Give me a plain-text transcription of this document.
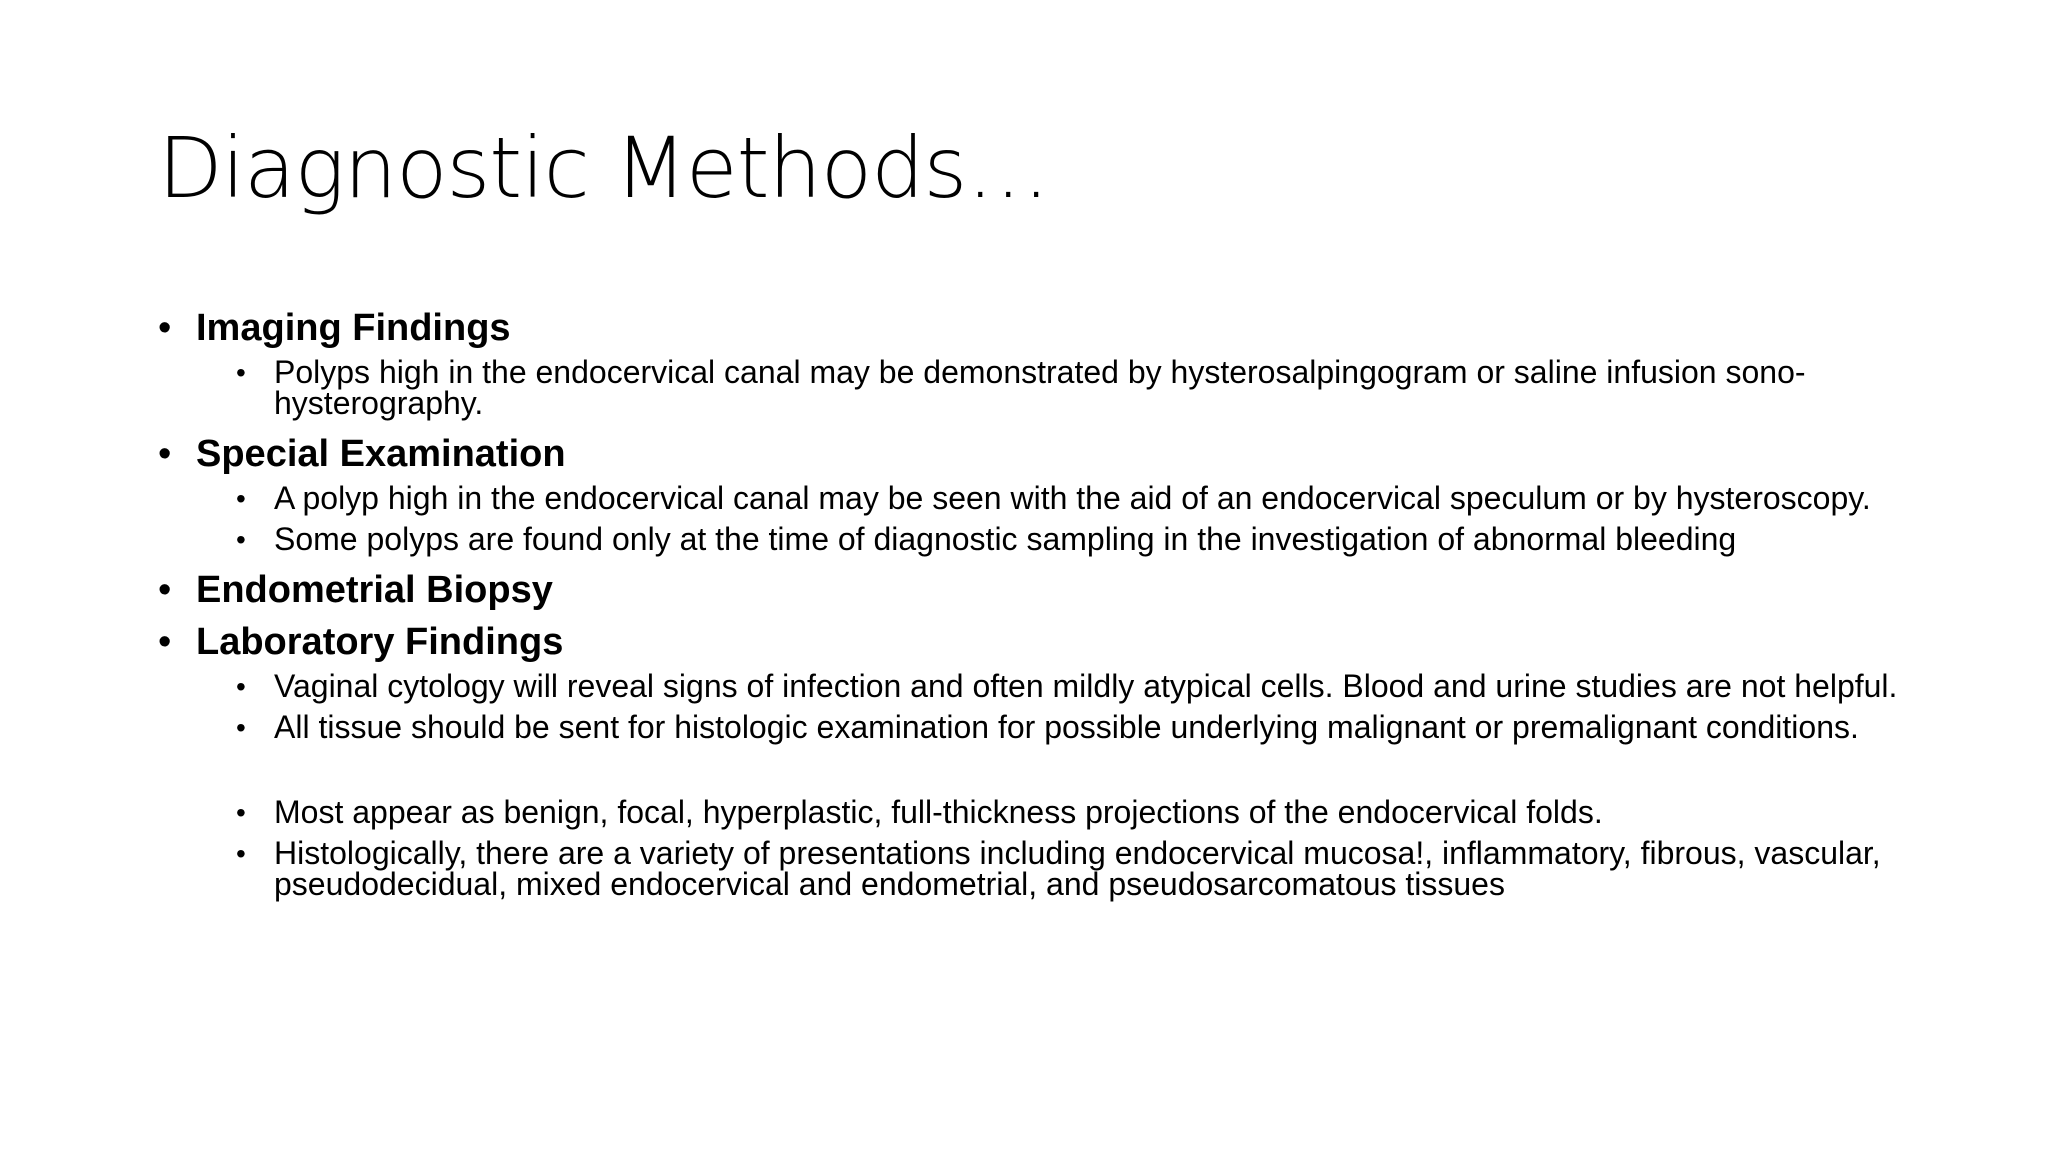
Diagnostic Methods…
• Imaging Findings
• Polyps high in the endocervical canal may be demonstrated by hysterosalpingogram or saline infusion sono-hysterography.
• Special Examination
• A polyp high in the endocervical canal may be seen with the aid of an endocervical speculum or by hysteroscopy.
• Some polyps are found only at the time of diagnostic sampling in the investigation of abnormal bleeding
• Endometrial Biopsy
• Laboratory Findings
• Vaginal cytology will reveal signs of infection and often mildly atypical cells. Blood and urine studies are not helpful.
• All tissue should be sent for histologic examination for possible underlying malignant or premalignant conditions.
• Most appear as benign, focal, hyperplastic, full-thickness projections of the endocervical folds.
• Histologically, there are a variety of presentations including endocervical mucosa!, inflammatory, fibrous, vascular, pseudodecidual, mixed endocervical and endometrial, and pseudosarcomatous tissues
